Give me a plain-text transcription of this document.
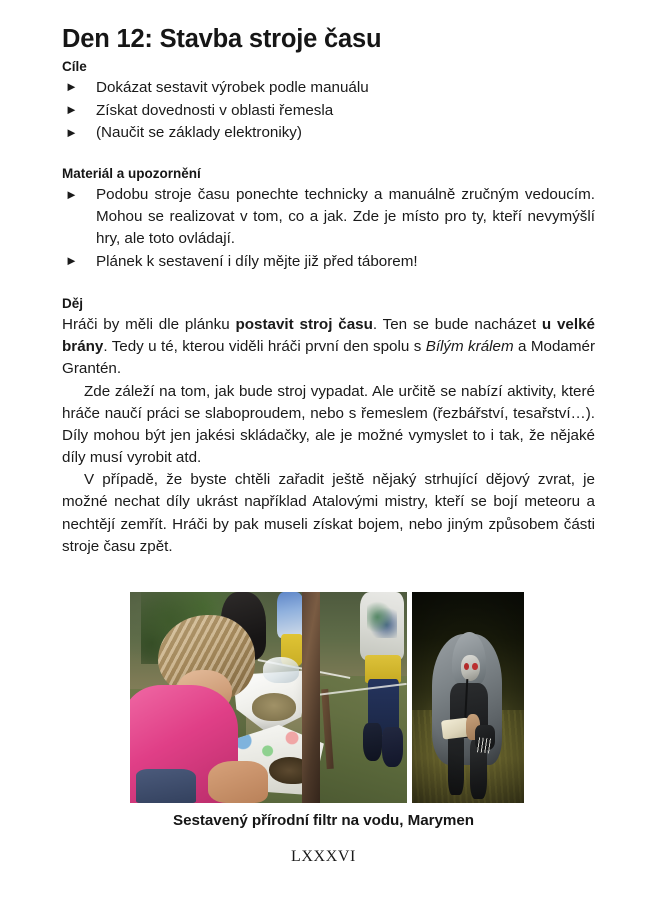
Den 12: Stavba stroje času
Cíle
► Dokázat sestavit výrobek podle manuálu
► Získat dovednosti v oblasti řemesla
► (Naučit se základy elektroniky)
Materiál a upozornění
► Podobu stroje času ponechte technicky a manuálně zručným vedoucím. Mohou se realizovat v tom, co a jak. Zde je místo pro ty, kteří nevymýšlí hry, ale toto ovládají.
► Plánek k sestavení i díly mějte již před táborem!
Děj

Hráči by měli dle plánku postavit stroj času. Ten se bude nacházet u velké brány. Tedy u té, kterou viděli hráči první den spolu s Bílým králem a Modamér Grantén.

Zde záleží na tom, jak bude stroj vypadat. Ale určitě se nabízí aktivity, které hráče naučí práci se slaboproudem, nebo s řemeslem (řezbářství, tesařství…). Díly mohou být jen jakési skládačky, ale je možné vymyslet to i tak, že nějaké díly musí vyrobit atd.

V případě, že byste chtěli zařadit ještě nějaký strhující dějový zvrat, je možné nechat díly ukrást například Atalovými mistry, kteří se bojí meteoru a nechtějí zemřít. Hráči by pak museli získat bojem, nebo jiným způsobem části stroje času zpět.

Sestavený přírodní filtr na vodu, Marymen
LXXXVI
